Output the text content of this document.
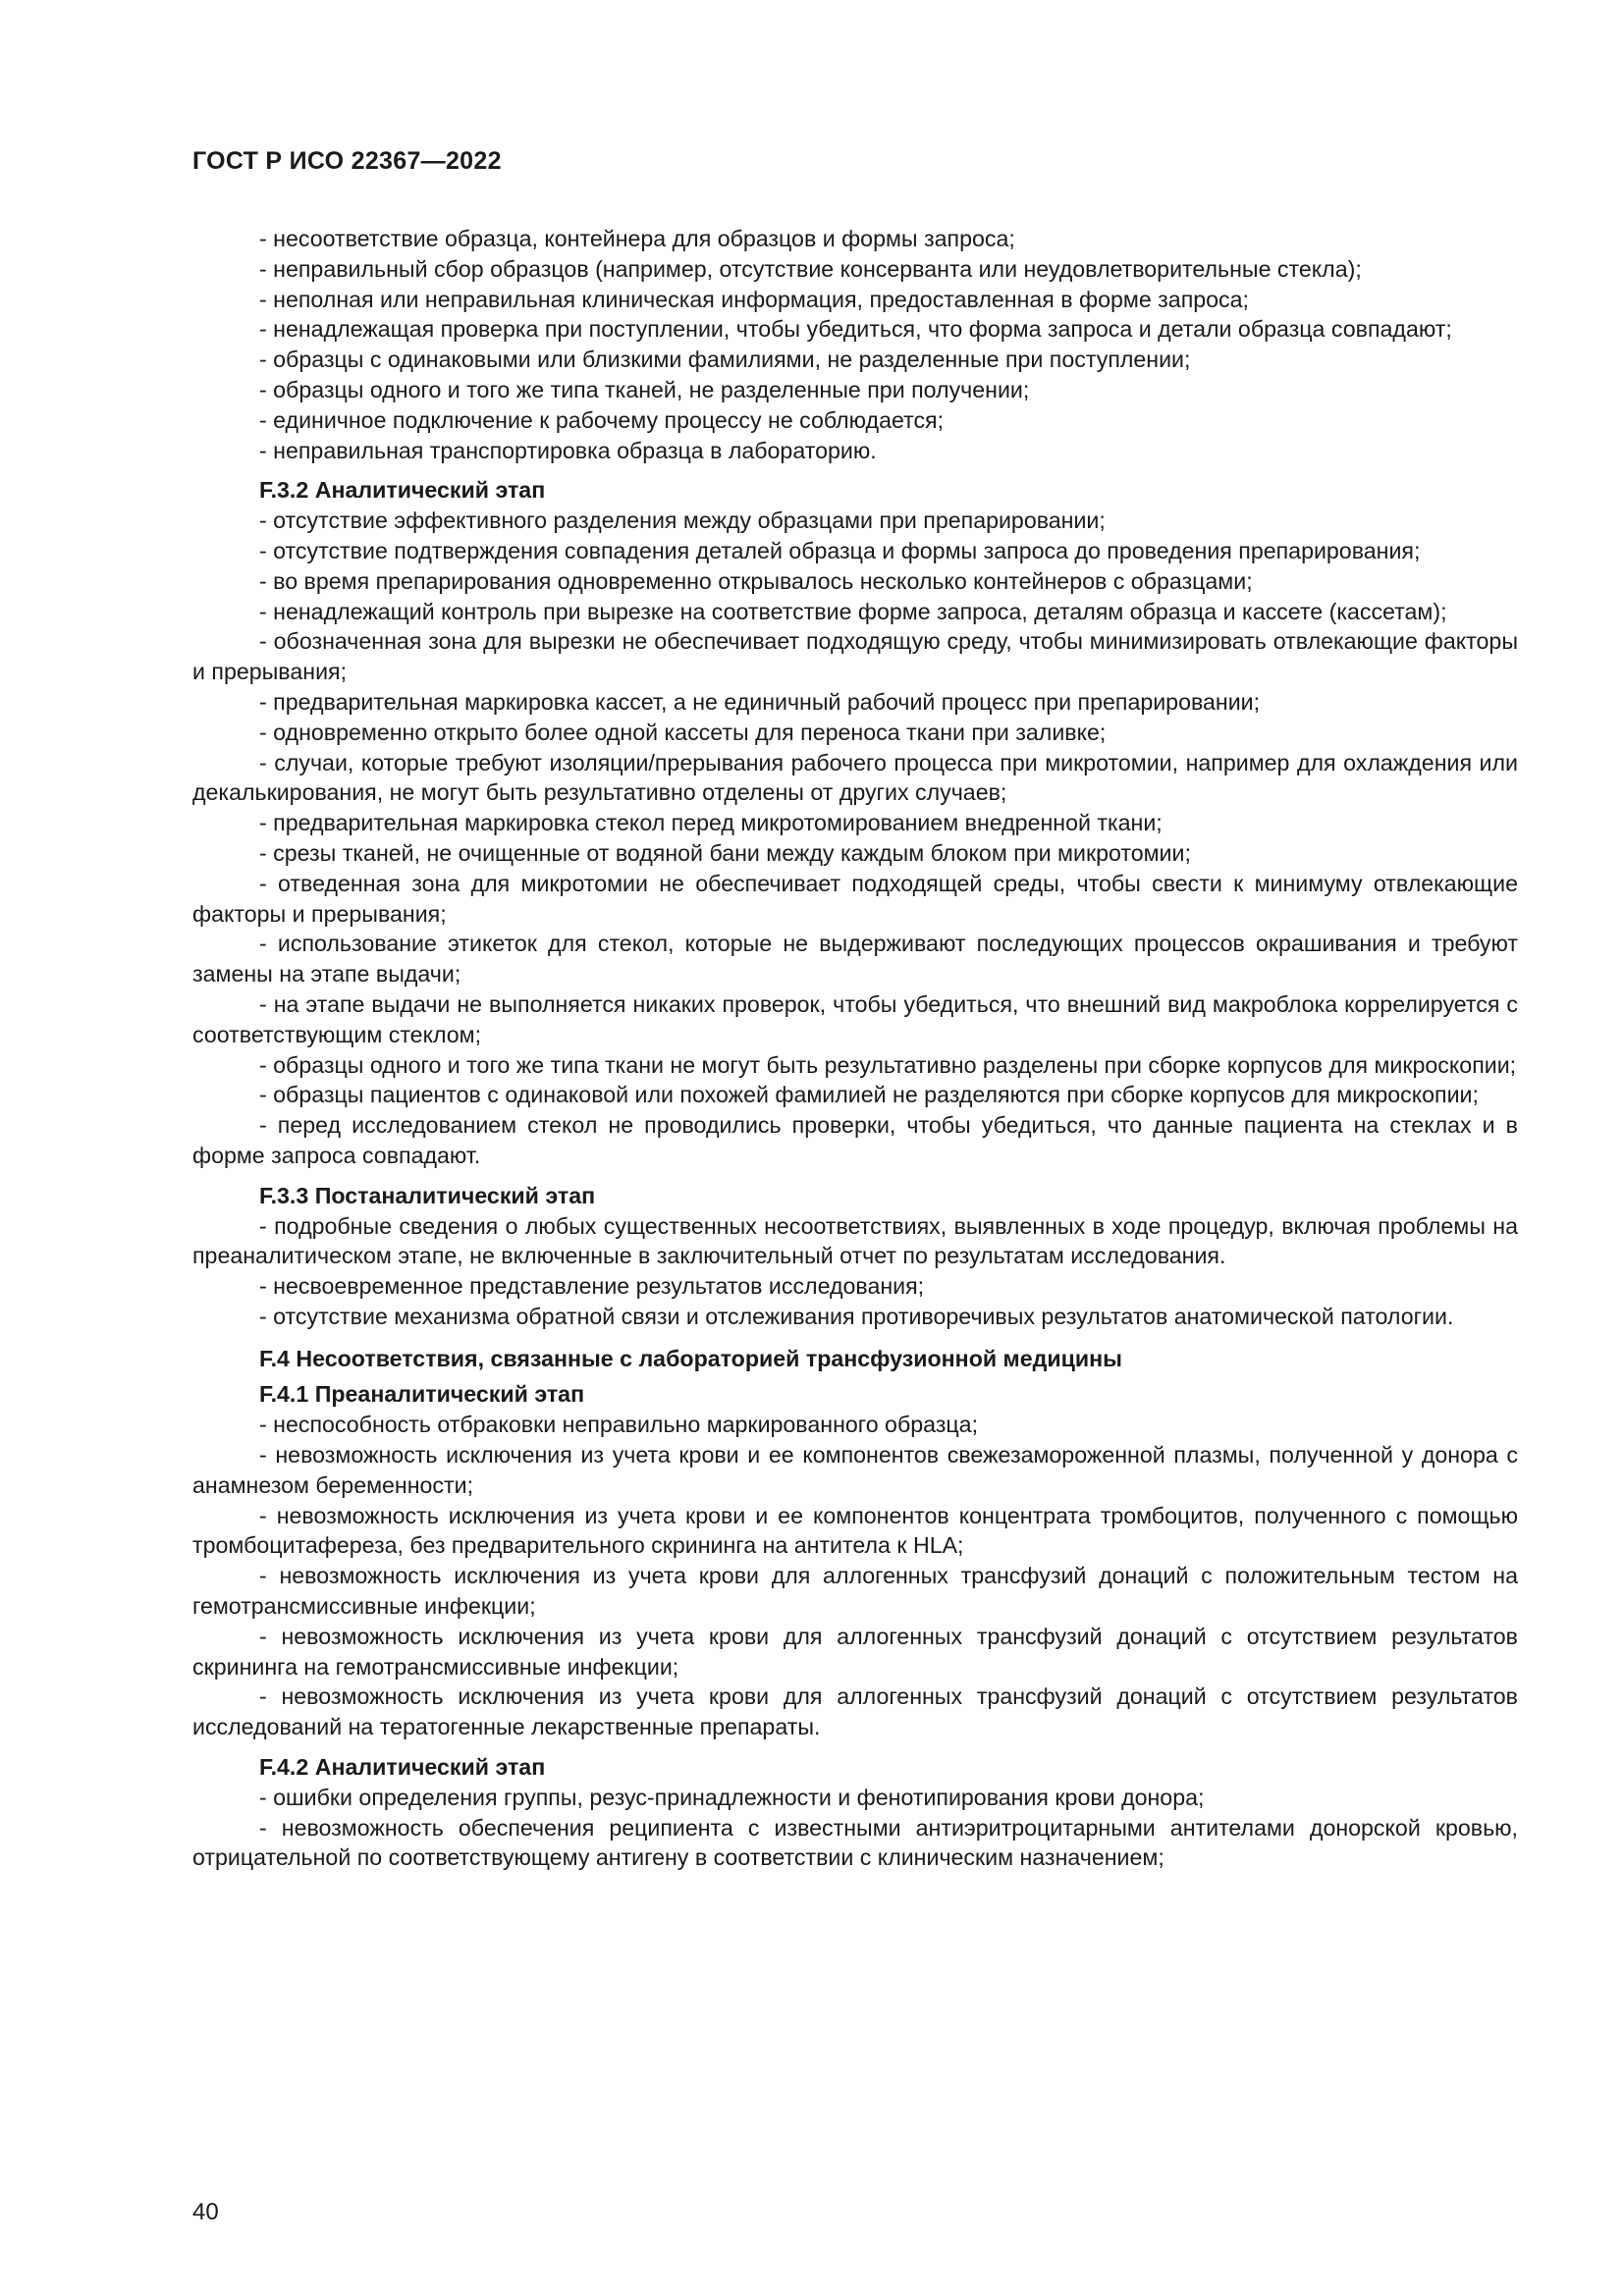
ГОСТ Р ИСО 22367—2022

- несоответствие образца, контейнера для образцов и формы запроса;

- неправильный сбор образцов (например, отсутствие консерванта или неудовлетворительные стекла);

- неполная или неправильная клиническая информация, предоставленная в форме запроса;

- ненадлежащая проверка при поступлении, чтобы убедиться, что форма запроса и детали образца совпадают;

- образцы с одинаковыми или близкими фамилиями, не разделенные при поступлении;

- образцы одного и того же типа тканей, не разделенные при получении;

- единичное подключение к рабочему процессу не соблюдается;

- неправильная транспортировка образца в лабораторию.

F.3.2 Аналитический этап

- отсутствие эффективного разделения между образцами при препарировании;

- отсутствие подтверждения совпадения деталей образца и формы запроса до проведения препарирования;

- во время препарирования одновременно открывалось несколько контейнеров с образцами;

- ненадлежащий контроль при вырезке на соответствие форме запроса, деталям образца и кассете (кассетам);

- обозначенная зона для вырезки не обеспечивает подходящую среду, чтобы минимизировать отвлекающие факторы и прерывания;

- предварительная маркировка кассет, а не единичный рабочий процесс при препарировании;

- одновременно открыто более одной кассеты для переноса ткани при заливке;

- случаи, которые требуют изоляции/прерывания рабочего процесса при микротомии, например для охлаждения или декалькирования, не могут быть результативно отделены от других случаев;

- предварительная маркировка стекол перед микротомированием внедренной ткани;

- срезы тканей, не очищенные от водяной бани между каждым блоком при микротомии;

- отведенная зона для микротомии не обеспечивает подходящей среды, чтобы свести к минимуму отвлекающие факторы и прерывания;

- использование этикеток для стекол, которые не выдерживают последующих процессов окрашивания и требуют замены на этапе выдачи;

- на этапе выдачи не выполняется никаких проверок, чтобы убедиться, что внешний вид макроблока коррелируется с соответствующим стеклом;

- образцы одного и того же типа ткани не могут быть результативно разделены при сборке корпусов для микроскопии;

- образцы пациентов с одинаковой или похожей фамилией не разделяются при сборке корпусов для микроскопии;

- перед исследованием стекол не проводились проверки, чтобы убедиться, что данные пациента на стеклах и в форме запроса совпадают.

F.3.3 Постаналитический этап

- подробные сведения о любых существенных несоответствиях, выявленных в ходе процедур, включая проблемы на преаналитическом этапе, не включенные в заключительный отчет по результатам исследования.

- несвоевременное представление результатов исследования;

- отсутствие механизма обратной связи и отслеживания противоречивых результатов анатомической патологии.

F.4 Несоответствия, связанные с лабораторией трансфузионной медицины

F.4.1 Преаналитический этап

- неспособность отбраковки неправильно маркированного образца;

- невозможность исключения из учета крови и ее компонентов свежезамороженной плазмы, полученной у донора с анамнезом беременности;

- невозможность исключения из учета крови и ее компонентов концентрата тромбоцитов, полученного с помощью тромбоцитафереза, без предварительного скрининга на антитела к HLA;

- невозможность исключения из учета крови для аллогенных трансфузий донаций с положительным тестом на гемотрансмиссивные инфекции;

- невозможность исключения из учета крови для аллогенных трансфузий донаций с отсутствием результатов скрининга на гемотрансмиссивные инфекции;

- невозможность исключения из учета крови для аллогенных трансфузий донаций с отсутствием результатов исследований на тератогенные лекарственные препараты.

F.4.2 Аналитический этап

- ошибки определения группы, резус-принадлежности и фенотипирования крови донора;

- невозможность обеспечения реципиента с известными антиэритроцитарными антителами донорской кровью, отрицательной по соответствующему антигену в соответствии с клиническим назначением;

40
